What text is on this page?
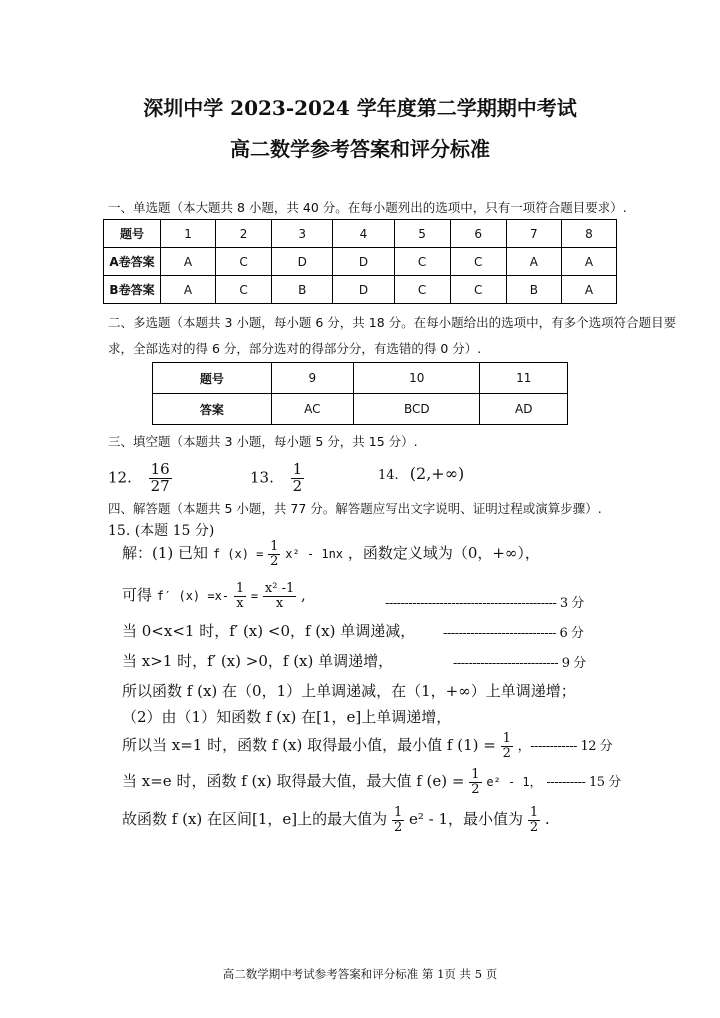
深圳中学 2023-2024 学年度第二学期期中考试
高二数学参考答案和评分标准
一、单选题（本大题共 8 小题，共 40 分。在每小题列出的选项中，只有一项符合题目要求）.
题号	1	2	3	4	5	6	7	8
A卷答案	A	C	D	D	C	C	A	A
B卷答案	A	C	B	D	C	C	B	A
二、多选题（本题共 3 小题，每小题 6 分，共 18 分。在每小题给出的选项中，有多个选项符合题目要
求，全部选对的得 6 分，部分选对的得部分分，有选错的得 0 分）.
题号	9	10	11
答案	AC	BCD	AD
三、填空题（本题共 3 小题，每小题 5 分，共 15 分）.
12. $\frac{16}{27}$	13. $\frac{1}{2}$	14. (2,+∞)
四、解答题（本题共 5 小题，共 77 分。解答题应写出文字说明、证明过程或演算步骤）.
15. (本题 15 分)
解：(1) 已知 f $(x) = \frac{1}{2} x^2 - 1nx$ ，函数定义域为（0，+∞），
可得 f′ $(x) =x- \frac{1}{x} = \frac{\text{x² -1}}{x}$ ,	-------------------------------------------- 3 分
当 0<x<1 时，f′ (x) <0，f (x) 单调递减， ----------------------------- 6 分
当 x>1 时，f′ (x) >0，f (x) 单调递增，	--------------------------- 9 分
所以函数 f (x) 在（0，1）上单调递减，在（1，+∞）上单调递增；
（2）由（1）知函数 f (x) 在[1，e]上单调递增，
所以当 x=1 时，函数 f (x) 取得最小值，最小值 f $(1) = \frac{1}{2}$ ，------------ 12 分
当 x=e 时，函数 f (x) 取得最大值，最大值 f $(e) = \frac{1}{2} e^2 - 1$， ---------- 15 分
故函数 f (x) 在区间[1，e]上的最大值为 $\frac{1}{2} e^2 - 1$，最小值为 $\frac{1}{2}$ .
高二数学期中考试参考答案和评分标准 第 1页 共 5 页
